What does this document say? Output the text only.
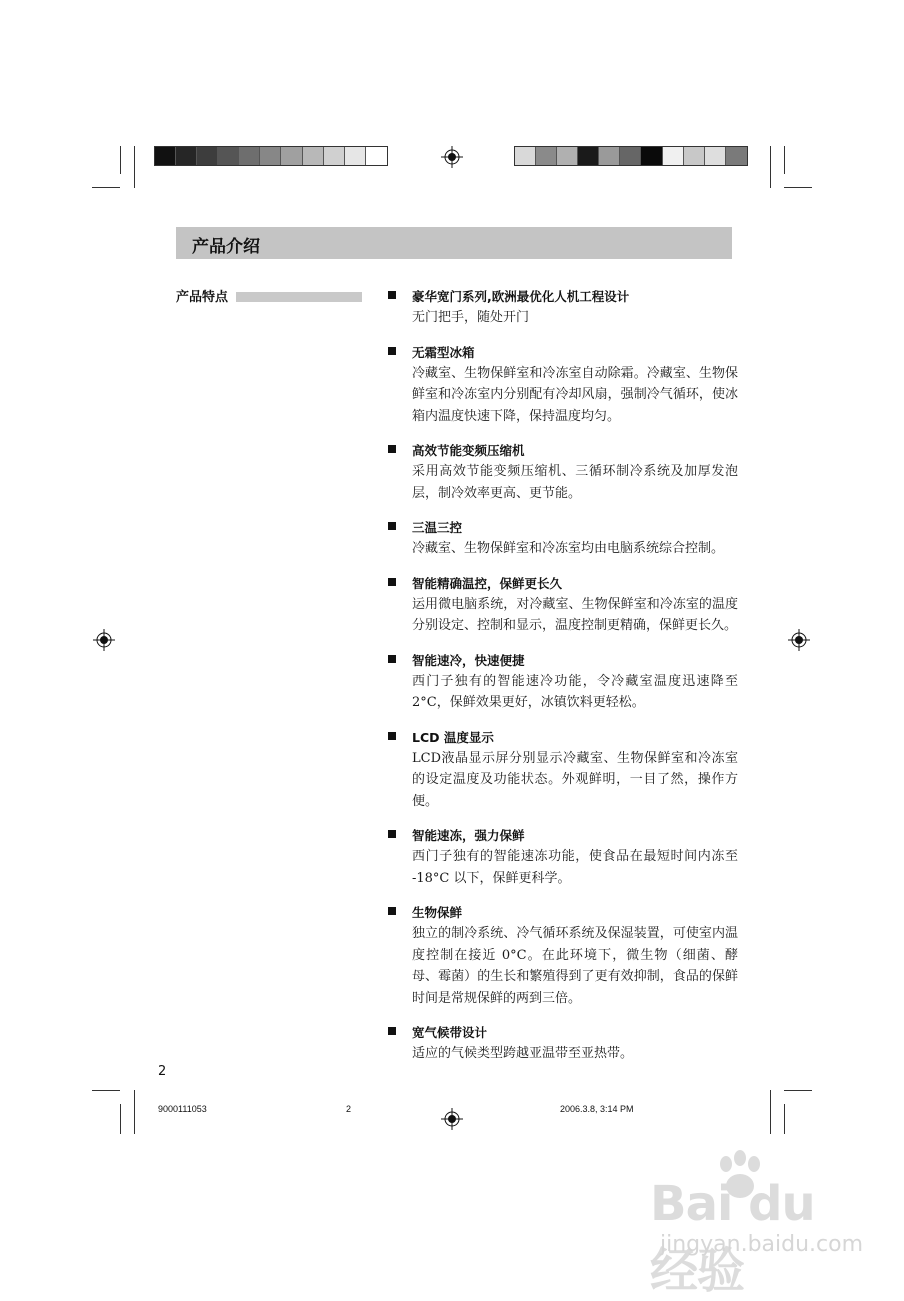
产品介绍
产品特点	豪华宽门系列,欧洲最优化人机工程设计
无门把手，随处开门
无霜型冰箱
冷藏室、生物保鲜室和冷冻室自动除霜。冷藏室、生物保鲜室和冷冻室内分别配有冷却风扇，强制冷气循环，使冰箱内温度快速下降，保持温度均匀。
高效节能变频压缩机
采用高效节能变频压缩机、三循环制冷系统及加厚发泡层，制冷效率更高、更节能。
三温三控
冷藏室、生物保鲜室和冷冻室均由电脑系统综合控制。
智能精确温控，保鲜更长久
运用微电脑系统，对冷藏室、生物保鲜室和冷冻室的温度分别设定、控制和显示，温度控制更精确，保鲜更长久。
智能速冷，快速便捷
西门子独有的智能速冷功能，令冷藏室温度迅速降至2°C，保鲜效果更好，冰镇饮料更轻松。
LCD 温度显示
LCD液晶显示屏分别显示冷藏室、生物保鲜室和冷冻室的设定温度及功能状态。外观鲜明，一目了然，操作方便。
智能速冻，强力保鲜
西门子独有的智能速冻功能，使食品在最短时间内冻至 -18°C 以下，保鲜更科学。
生物保鲜
独立的制冷系统、冷气循环系统及保湿装置，可使室内温度控制在接近 0°C。在此环境下，微生物（细菌、酵母、霉菌）的生长和繁殖得到了更有效抑制，食品的保鲜时间是常规保鲜的两到三倍。
宽气候带设计
适应的气候类型跨越亚温带至亚热带。
2
9000111053	2	2006.3.8, 3:14 PM
Bai du 经验
jingyan.baidu.com
